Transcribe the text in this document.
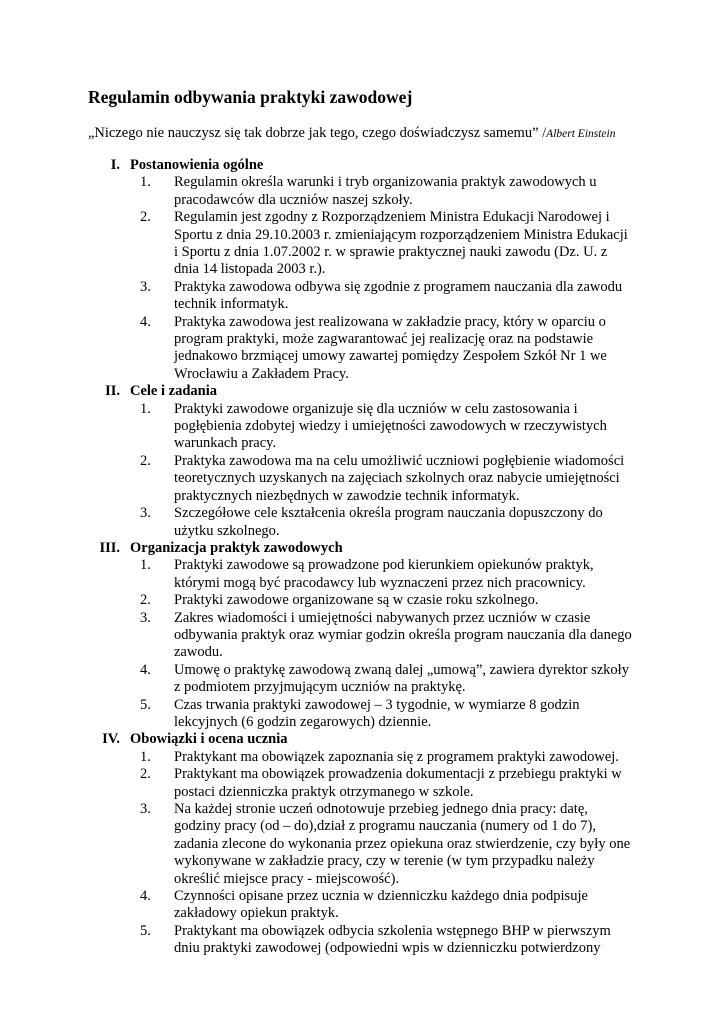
Regulamin odbywania praktyki zawodowej
„Niczego nie nauczysz się tak dobrze jak tego, czego doświadczysz samemu” /Albert Einstein
I. Postanowienia ogólne
1.	Regulamin określa warunki i tryb organizowania praktyk zawodowych u pracodawców dla uczniów naszej szkoły.
2.	Regulamin jest zgodny z Rozporządzeniem Ministra Edukacji Narodowej i Sportu z dnia 29.10.2003 r. zmieniającym rozporządzeniem Ministra Edukacji i Sportu z dnia 1.07.2002 r. w sprawie praktycznej nauki zawodu (Dz. U. z dnia 14 listopada 2003 r.).
3.	Praktyka zawodowa odbywa się zgodnie z programem nauczania dla zawodu technik informatyk.
4.	Praktyka zawodowa jest realizowana w zakładzie pracy, który w oparciu o program praktyki, może zagwarantować jej realizację oraz na podstawie jednakowo brzmiącej umowy zawartej pomiędzy Zespołem Szkół Nr 1 we Wrocławiu a Zakładem Pracy.
II. Cele i zadania
1.	Praktyki zawodowe organizuje się dla uczniów w celu zastosowania i pogłębienia zdobytej wiedzy i umiejętności zawodowych w rzeczywistych warunkach pracy.
2.	Praktyka zawodowa ma na celu umożliwić uczniowi pogłębienie wiadomości teoretycznych uzyskanych na zajęciach szkolnych oraz nabycie umiejętności praktycznych niezbędnych w zawodzie technik informatyk.
3.	Szczegółowe cele kształcenia określa program nauczania dopuszczony do użytku szkolnego.
III. Organizacja praktyk zawodowych
1.	Praktyki zawodowe są prowadzone pod kierunkiem opiekunów praktyk, którymi mogą być pracodawcy lub wyznaczeni przez nich pracownicy.
2.	Praktyki zawodowe organizowane są w czasie roku szkolnego.
3.	Zakres wiadomości i umiejętności nabywanych przez uczniów w czasie odbywania praktyk oraz wymiar godzin określa program nauczania dla danego zawodu.
4.	Umowę o praktykę zawodową zwaną dalej „umową”, zawiera dyrektor szkoły z podmiotem przyjmującym uczniów na praktykę.
5.	Czas trwania praktyki zawodowej – 3 tygodnie, w wymiarze 8 godzin lekcyjnych (6 godzin zegarowych) dziennie.
IV. Obowiązki i ocena ucznia
1.	Praktykant ma obowiązek zapoznania się z programem praktyki zawodowej.
2.	Praktykant ma obowiązek prowadzenia dokumentacji z przebiegu praktyki w postaci dzienniczka praktyk otrzymanego w szkole.
3.	Na każdej stronie uczeń odnotowuje przebieg jednego dnia pracy: datę, godziny pracy (od – do),dział z programu nauczania (numery od 1 do 7), zadania zlecone do wykonania przez opiekuna oraz stwierdzenie, czy były one wykonywane w zakładzie pracy, czy w terenie (w tym przypadku należy określić miejsce pracy - miejscowość).
4.	Czynności opisane przez ucznia w dzienniczku każdego dnia podpisuje zakładowy opiekun praktyk.
5.	Praktykant ma obowiązek odbycia szkolenia wstępnego BHP w pierwszym dniu praktyki zawodowej (odpowiedni wpis w dzienniczku potwierdzony
